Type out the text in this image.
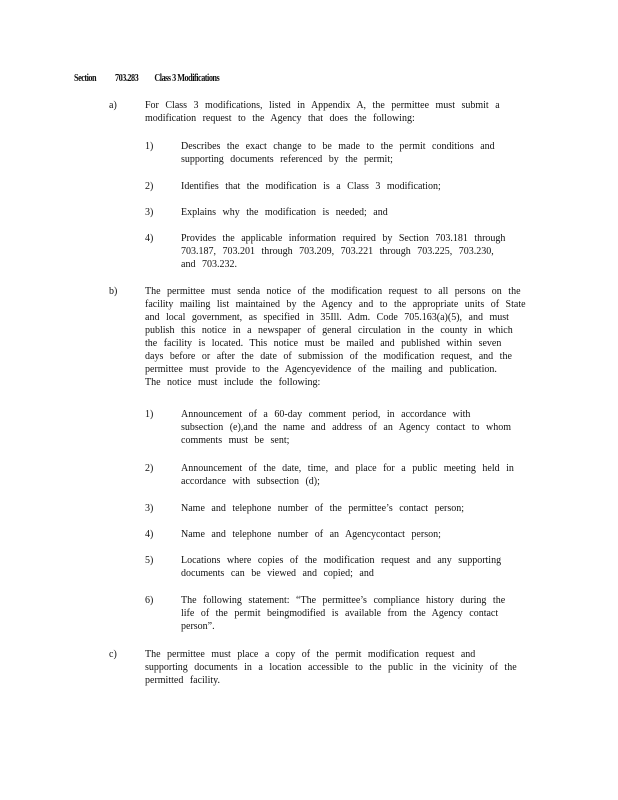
Section 703.283 Class 3 Modifications
a)	For Class 3 modifications, listed in Appendix A, the permittee must submit a
modification request to the Agency that does the following:
1)	Describes the exact change to be made to the permit conditions and
supporting documents referenced by the permit;
2)	Identifies that the modification is a Class 3 modification;
3)	Explains why the modification is needed; and
4)	Provides the applicable information required by Section 703.181 through
703.187, 703.201 through 703.209, 703.221 through 703.225, 703.230,
and 703.232.
b)	The permittee must senda notice of the modification request to all persons on the
facility mailing list maintained by the Agency and to the appropriate units of State
and local government, as specified in 35Ill. Adm. Code 705.163(a)(5), and must
publish this notice in a newspaper of general circulation in the county in which
the facility is located. This notice must be mailed and published within seven
days before or after the date of submission of the modification request, and the
permittee must provide to the Agencyevidence of the mailing and publication.
The notice must include the following:
1)	Announcement of a 60-day comment period, in accordance with
subsection (e),and the name and address of an Agency contact to whom
comments must be sent;
2)	Announcement of the date, time, and place for a public meeting held in
accordance with subsection (d);
3)	Name and telephone number of the permittee’s contact person;
4)	Name and telephone number of an Agencycontact person;
5)	Locations where copies of the modification request and any supporting
documents can be viewed and copied; and
6)	The following statement: “The permittee’s compliance history during the
life of the permit beingmodified is available from the Agency contact
person”.
c)	The permittee must place a copy of the permit modification request and
supporting documents in a location accessible to the public in the vicinity of the
permitted facility.
